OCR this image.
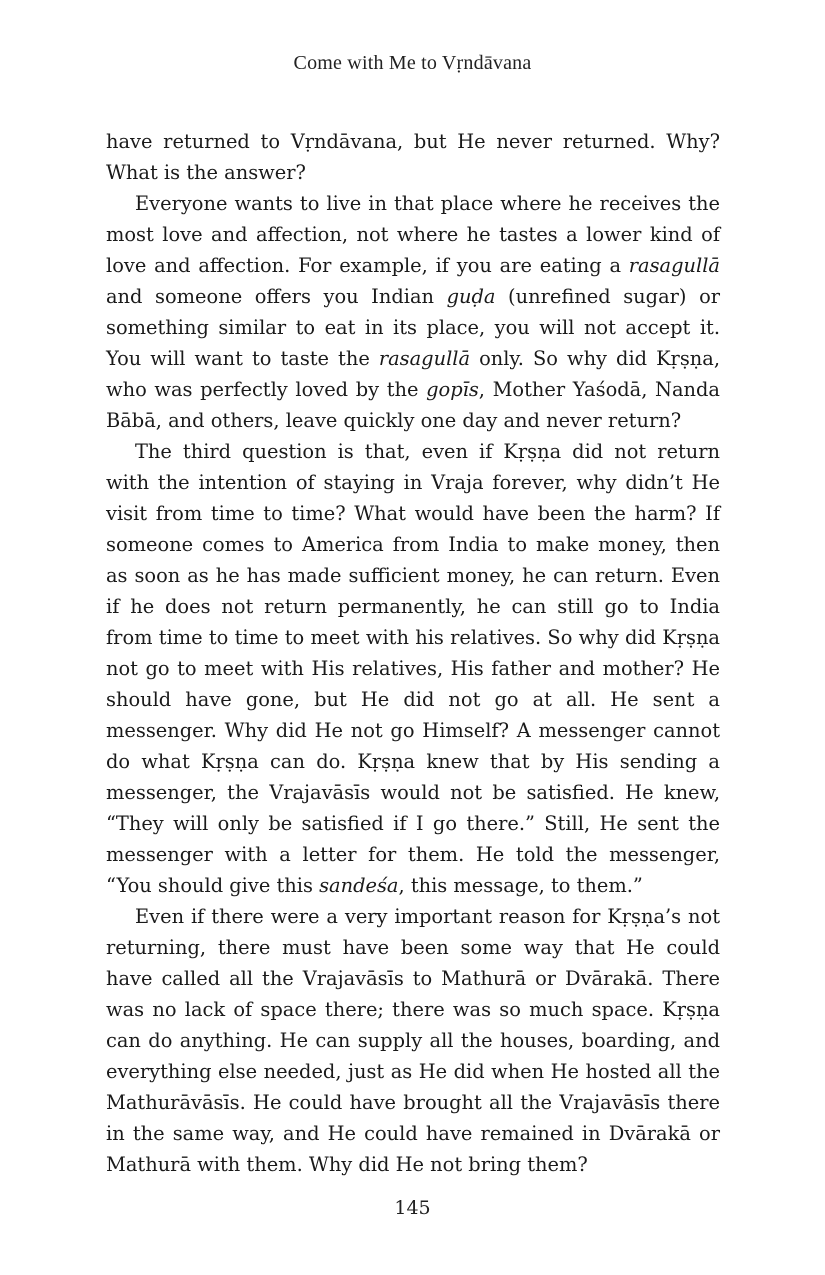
Come with Me to Vṛndāvana

have returned to Vṛndāvana, but He never returned. Why? What is the answer?

Everyone wants to live in that place where he receives the most love and affection, not where he tastes a lower kind of love and affection. For example, if you are eating a rasagullā and someone offers you Indian guḍa (unrefined sugar) or something similar to eat in its place, you will not accept it. You will want to taste the rasagullā only. So why did Kṛṣṇa, who was perfectly loved by the gopīs, Mother Yaśodā, Nanda Bābā, and others, leave quickly one day and never return?

The third question is that, even if Kṛṣṇa did not return with the intention of staying in Vraja forever, why didn’t He visit from time to time? What would have been the harm? If someone comes to America from India to make money, then as soon as he has made sufficient money, he can return. Even if he does not return permanently, he can still go to India from time to time to meet with his relatives. So why did Kṛṣṇa not go to meet with His relatives, His father and mother? He should have gone, but He did not go at all. He sent a messenger. Why did He not go Himself? A messenger cannot do what Kṛṣṇa can do. Kṛṣṇa knew that by His sending a messenger, the Vrajavāsīs would not be satisfied. He knew, “They will only be satisfied if I go there.” Still, He sent the messenger with a letter for them. He told the messenger, “You should give this sandeśa, this message, to them.”

Even if there were a very important reason for Kṛṣṇa’s not returning, there must have been some way that He could have called all the Vrajavāsīs to Mathurā or Dvārakā. There was no lack of space there; there was so much space. Kṛṣṇa can do anything. He can supply all the houses, boarding, and everything else needed, just as He did when He hosted all the Mathurāvāsīs. He could have brought all the Vrajavāsīs there in the same way, and He could have remained in Dvārakā or Mathurā with them. Why did He not bring them?

145
